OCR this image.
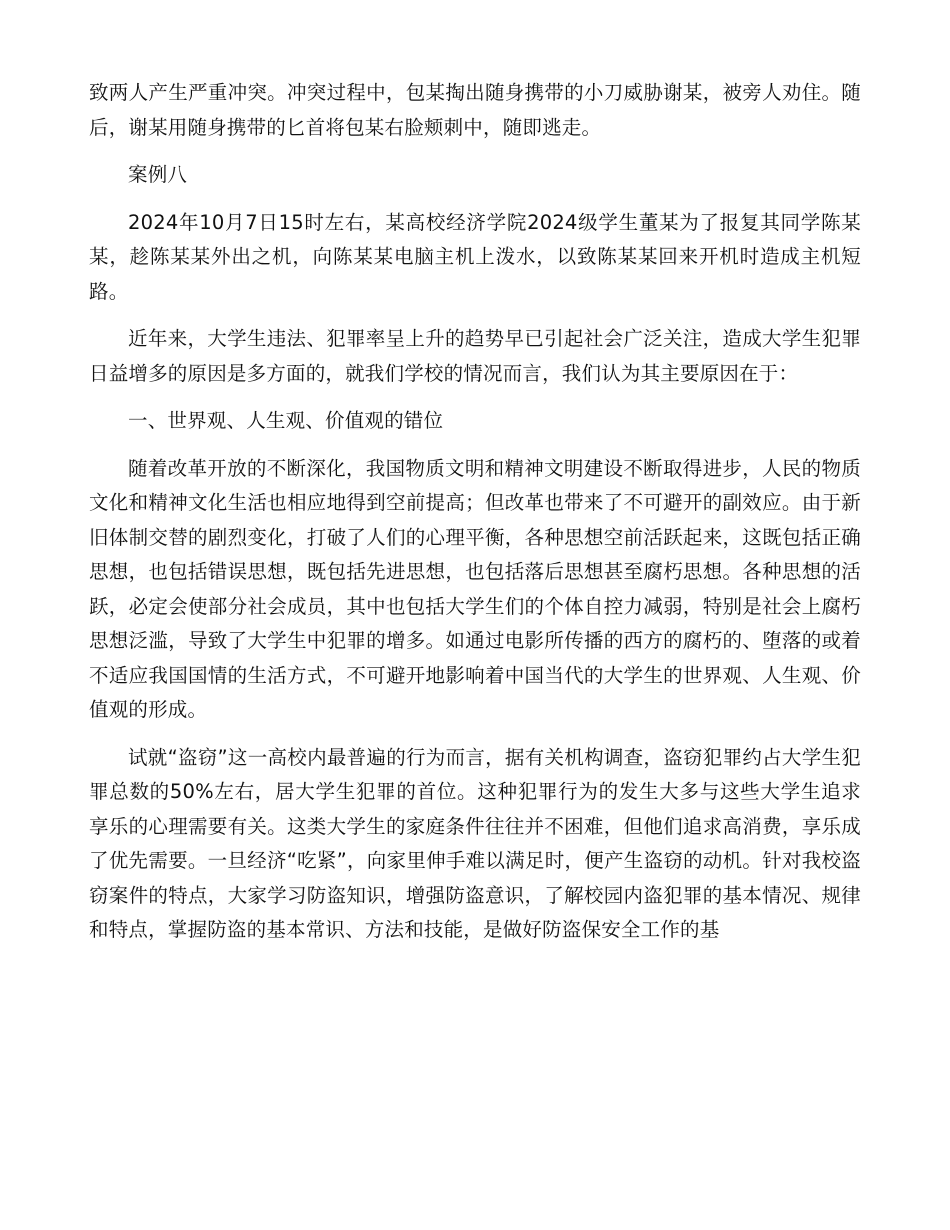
致两人产生严重冲突。冲突过程中，包某掏出随身携带的小刀威胁谢某，被旁人劝住。随后，谢某用随身携带的匕首将包某右脸颊刺中，随即逃走。

案例八

2024年10月7日15时左右，某高校经济学院2024级学生董某为了报复其同学陈某某，趁陈某某外出之机，向陈某某电脑主机上泼水，以致陈某某回来开机时造成主机短路。

近年来，大学生违法、犯罪率呈上升的趋势早已引起社会广泛关注，造成大学生犯罪日益增多的原因是多方面的，就我们学校的情况而言，我们认为其主要原因在于：

一、世界观、人生观、价值观的错位

随着改革开放的不断深化，我国物质文明和精神文明建设不断取得进步，人民的物质文化和精神文化生活也相应地得到空前提高；但改革也带来了不可避开的副效应。由于新旧体制交替的剧烈变化，打破了人们的心理平衡，各种思想空前活跃起来，这既包括正确思想，也包括错误思想，既包括先进思想，也包括落后思想甚至腐朽思想。各种思想的活跃，必定会使部分社会成员，其中也包括大学生们的个体自控力减弱，特别是社会上腐朽思想泛滥，导致了大学生中犯罪的增多。如通过电影所传播的西方的腐朽的、堕落的或着不适应我国国情的生活方式，不可避开地影响着中国当代的大学生的世界观、人生观、价值观的形成。

试就“盗窃”这一高校内最普遍的行为而言，据有关机构调查，盗窃犯罪约占大学生犯罪总数的50%左右，居大学生犯罪的首位。这种犯罪行为的发生大多与这些大学生追求享乐的心理需要有关。这类大学生的家庭条件往往并不困难，但他们追求高消费，享乐成了优先需要。一旦经济“吃紧”，向家里伸手难以满足时，便产生盗窃的动机。针对我校盗窃案件的特点，大家学习防盗知识，增强防盗意识，了解校园内盗犯罪的基本情况、规律和特点，掌握防盗的基本常识、方法和技能，是做好防盗保安全工作的基
